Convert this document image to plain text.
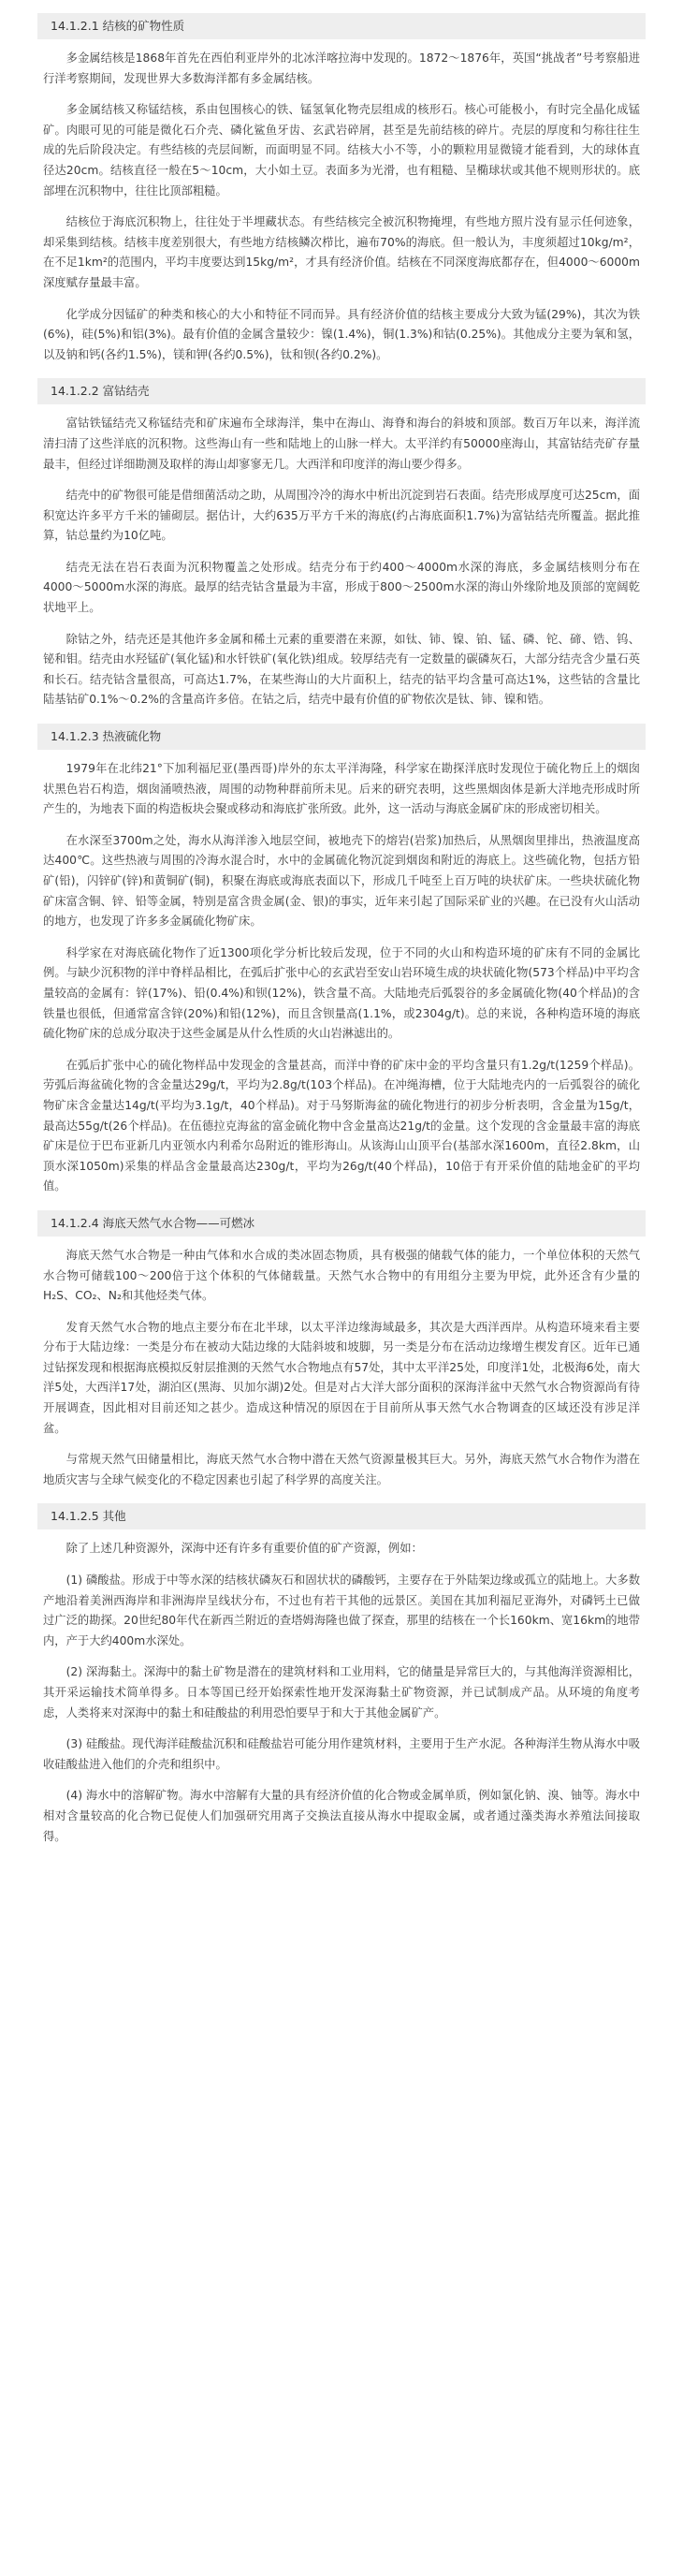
14.1.2.1 结核的矿物性质

多金属结核是1868年首先在西伯利亚岸外的北冰洋喀拉海中发现的。1872～1876年，英国“挑战者”号考察船进行洋考察期间，发现世界大多数海洋都有多金属结核。

多金属结核又称锰结核，系由包围核心的铁、锰氢氧化物壳层组成的核形石。核心可能极小，有时完全晶化成锰矿。肉眼可见的可能是微化石介壳、磷化鲨鱼牙齿、玄武岩碎屑，甚至是先前结核的碎片。壳层的厚度和匀称往往生成的先后阶段决定。有些结核的壳层间断，而面明显不同。结核大小不等，小的颗粒用显微镜才能看到，大的球体直径达20cm。结核直径一般在5～10cm，大小如土豆。表面多为光滑，也有粗糙、呈椭球状或其他不规则形状的。底部埋在沉积物中，往往比顶部粗糙。

结核位于海底沉积物上，往往处于半埋藏状态。有些结核完全被沉积物掩埋，有些地方照片没有显示任何迹象，却采集到结核。结核丰度差别很大，有些地方结核鳞次栉比，遍布70%的海底。但一般认为，丰度须超过10kg/m²，在不足1km²的范围内，平均丰度要达到15kg/m²，才具有经济价值。结核在不同深度海底都存在，但4000～6000m深度赋存量最丰富。

化学成分因锰矿的种类和核心的大小和特征不同而异。具有经济价值的结核主要成分大致为锰(29%)，其次为铁(6%)，硅(5%)和铝(3%)。最有价值的金属含量较少：镍(1.4%)，铜(1.3%)和钴(0.25%)。其他成分主要为氧和氢，以及钠和钙(各约1.5%)，镁和钾(各约0.5%)，钛和钡(各约0.2%)。

14.1.2.2 富钴结壳

富钴铁锰结壳又称锰结壳和矿床遍布全球海洋，集中在海山、海脊和海台的斜坡和顶部。数百万年以来，海洋流清扫清了这些洋底的沉积物。这些海山有一些和陆地上的山脉一样大。太平洋约有50000座海山，其富钴结壳矿存量最丰，但经过详细勘测及取样的海山却寥寥无几。大西洋和印度洋的海山要少得多。

结壳中的矿物很可能是借细菌活动之助，从周围冷冷的海水中析出沉淀到岩石表面。结壳形成厚度可达25cm，面积宽达许多平方千米的铺砌层。据估计，大约635万平方千米的海底(约占海底面积1.7%)为富钴结壳所覆盖。据此推算，钴总量约为10亿吨。

结壳无法在岩石表面为沉积物覆盖之处形成。结壳分布于约400～4000m水深的海底，多金属结核则分布在4000～5000m水深的海底。最厚的结壳钴含量最为丰富，形成于800～2500m水深的海山外缘阶地及顶部的宽阔乾状地平上。

除钴之外，结壳还是其他许多金属和稀土元素的重要潜在来源，如钛、铈、镍、铂、锰、磷、铊、碲、锆、钨、铋和钼。结壳由水羟锰矿(氧化锰)和水钎铁矿(氧化铁)组成。较厚结壳有一定数量的碳磷灰石，大部分结壳含少量石英和长石。结壳钴含量很高，可高达1.7%，在某些海山的大片面积上，结壳的钴平均含量可高达1%，这些钴的含量比陆基钴矿0.1%～0.2%的含量高许多倍。在钴之后，结壳中最有价值的矿物依次是钛、铈、镍和锆。

14.1.2.3 热液硫化物

1979年在北纬21°下加利福尼亚(墨西哥)岸外的东太平洋海隆，科学家在勘探洋底时发现位于硫化物丘上的烟囱状黑色岩石构造，烟囱涌喷热液，周围的动物种群前所未见。后来的研究表明，这些黑烟囱体是新大洋地壳形成时所产生的，为地表下面的构造板块会聚或移动和海底扩张所致。此外，这一活动与海底金属矿床的形成密切相关。

在水深至3700m之处，海水从海洋渗入地层空间，被地壳下的熔岩(岩浆)加热后，从黑烟囱里排出，热液温度高达400℃。这些热液与周围的冷海水混合时，水中的金属硫化物沉淀到烟囱和附近的海底上。这些硫化物，包括方铅矿(铅)，闪锌矿(锌)和黄铜矿(铜)，积聚在海底或海底表面以下，形成几千吨至上百万吨的块状矿床。一些块状硫化物矿床富含铜、锌、铅等金属，特别是富含贵金属(金、银)的事实，近年来引起了国际采矿业的兴趣。在已没有火山活动的地方，也发现了许多多金属硫化物矿床。

科学家在对海底硫化物作了近1300项化学分析比较后发现，位于不同的火山和构造环境的矿床有不同的金属比例。与缺少沉积物的洋中脊样品相比，在弧后扩张中心的玄武岩至安山岩环境生成的块状硫化物(573个样品)中平均含量较高的金属有：锌(17%)、铅(0.4%)和钡(12%)，铁含量不高。大陆地壳后弧裂谷的多金属硫化物(40个样品)的含铁量也很低，但通常富含锌(20%)和铅(12%)，而且含钡量高(1.1%，或2304g/t)。总的来说，各种构造环境的海底硫化物矿床的总成分取决于这些金属是从什么性质的火山岩淋滤出的。

在弧后扩张中心的硫化物样品中发现金的含量甚高，而洋中脊的矿床中金的平均含量只有1.2g/t(1259个样品)。劳弧后海盆硫化物的含金量达29g/t，平均为2.8g/t(103个样品)。在冲绳海槽，位于大陆地壳内的一后弧裂谷的硫化物矿床含金量达14g/t(平均为3.1g/t，40个样品)。对于马努斯海盆的硫化物进行的初步分析表明，含金量为15g/t，最高达55g/t(26个样品)。在伍德拉克海盆的富金硫化物中含金量高达21g/t的金量。这个发现的含金量最丰富的海底矿床是位于巴布亚新几内亚领水内利希尔岛附近的锥形海山。从该海山山顶平台(基部水深1600m，直径2.8km，山顶水深1050m)采集的样品含金量最高达230g/t，平均为26g/t(40个样品)，10倍于有开采价值的陆地金矿的平均值。

14.1.2.4 海底天然气水合物——可燃冰

海底天然气水合物是一种由气体和水合成的类冰固态物质，具有极强的储载气体的能力，一个单位体积的天然气水合物可储载100～200倍于这个体积的气体储载量。天然气水合物中的有用组分主要为甲烷，此外还含有少量的H₂S、CO₂、N₂和其他烃类气体。

发育天然气水合物的地点主要分布在北半球，以太平洋边缘海域最多，其次是大西洋西岸。从构造环境来看主要分布于大陆边缘：一类是分布在被动大陆边缘的大陆斜坡和坡脚，另一类是分布在活动边缘增生楔发育区。近年已通过钻探发现和根据海底模拟反射层推测的天然气水合物地点有57处，其中太平洋25处，印度洋1处，北极海6处，南大洋5处，大西洋17处，湖泊区(黑海、贝加尔湖)2处。但是对占大洋大部分面积的深海洋盆中天然气水合物资源尚有待开展调查，因此相对目前还知之甚少。造成这种情况的原因在于目前所从事天然气水合物调查的区域还没有涉足洋盆。

与常规天然气田储量相比，海底天然气水合物中潜在天然气资源量极其巨大。另外，海底天然气水合物作为潜在地质灾害与全球气候变化的不稳定因素也引起了科学界的高度关注。

14.1.2.5 其他

除了上述几种资源外，深海中还有许多有重要价值的矿产资源，例如：

(1) 磷酸盐。形成于中等水深的结核状磷灰石和固状状的磷酸钙，主要存在于外陆架边缘或孤立的陆地上。大多数产地沿着美洲西海岸和非洲海岸呈线状分布，不过也有若干其他的远景区。美国在其加利福尼亚海外，对磷钙土已做过广泛的勘探。20世纪80年代在新西兰附近的查塔姆海隆也做了探查，那里的结核在一个长160km、宽16km的地带内，产于大约400m水深处。

(2) 深海黏土。深海中的黏土矿物是潜在的建筑材料和工业用料，它的储量是异常巨大的，与其他海洋资源相比，其开采运输技术简单得多。日本等国已经开始探索性地开发深海黏土矿物资源，并已试制成产品。从环境的角度考虑，人类将来对深海中的黏土和硅酸盐的利用恐怕要早于和大于其他金属矿产。

(3) 硅酸盐。现代海洋硅酸盐沉积和硅酸盐岩可能分用作建筑材料，主要用于生产水泥。各种海洋生物从海水中吸收硅酸盐进入他们的介壳和组织中。

(4) 海水中的溶解矿物。海水中溶解有大量的具有经济价值的化合物或金属单质，例如氯化钠、溴、铀等。海水中相对含量较高的化合物已促使人们加强研究用离子交换法直接从海水中提取金属，或者通过藻类海水养殖法间接取得。
